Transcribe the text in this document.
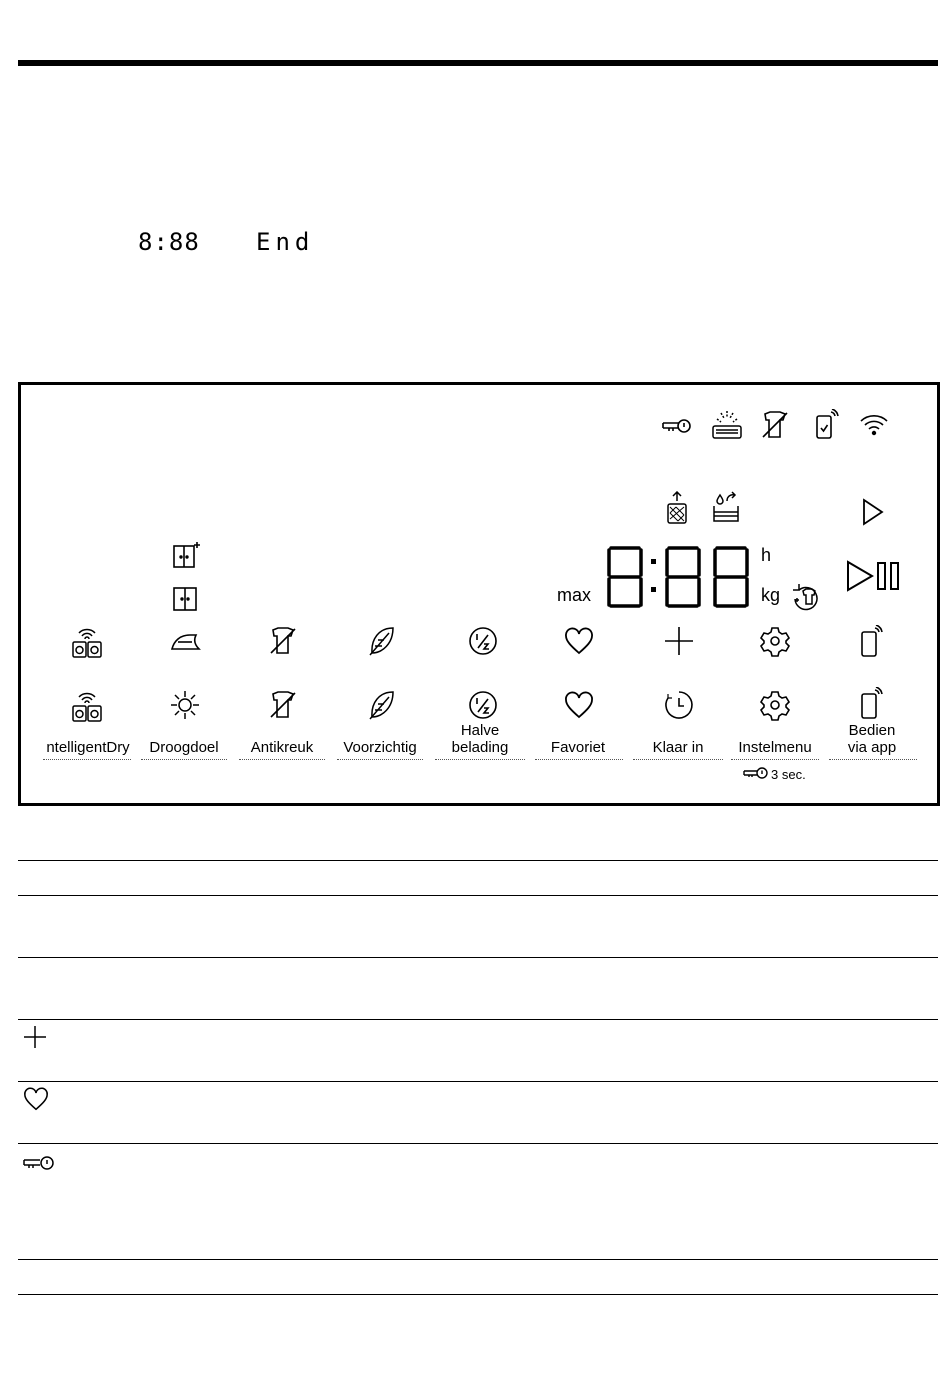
8:88 End
max
h
kg
ntelligentDry	Droogdoel	Antikreuk	Voorzichtig
Halve
belading	Favoriet	Klaar in	Instelmenu
Bedien
via app
3 sec.
